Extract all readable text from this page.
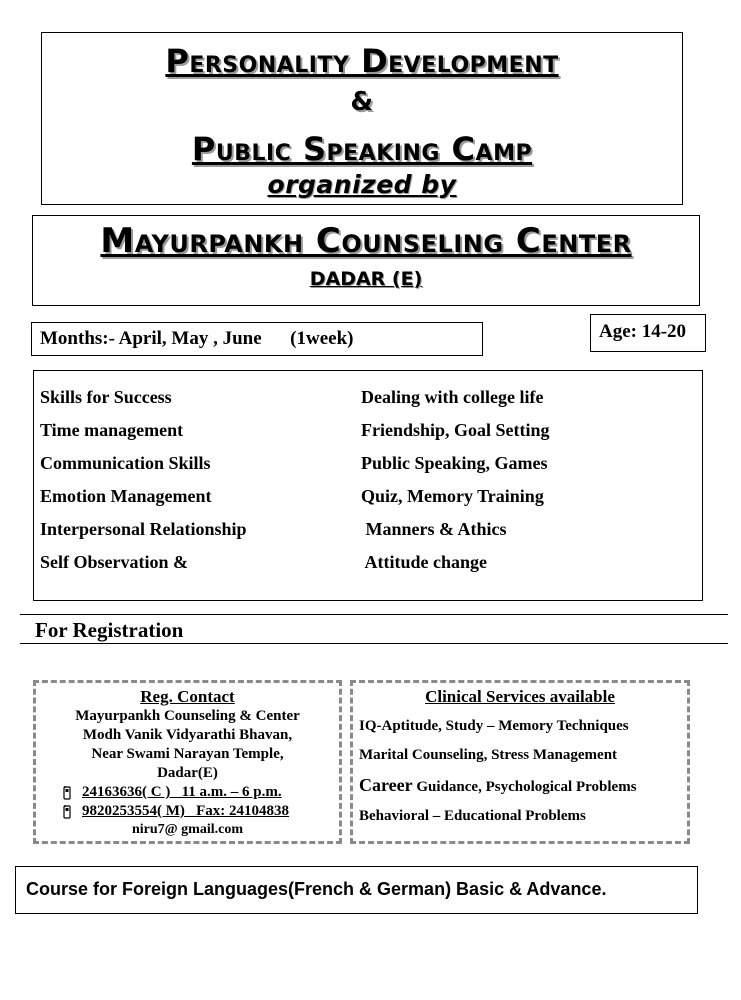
Personality Development
&
Public Speaking Camp
organized by
Mayurpankh Counseling Center
DADAR (E)
Months:- April, May , June      (1week)	Age: 14-20
Skills for Success
Time management
Communication Skills
Emotion Management
Interpersonal Relationship
Self Observation &
Dealing with college life
Friendship, Goal Setting
Public Speaking, Games
Quiz, Memory Training
Manners & Athics
Attitude change
For Registration
Reg. Contact
Mayurpankh Counseling & Center
Modh Vanik Vidyarathi Bhavan,
Near Swami Narayan Temple,
Dadar(E)
24163636( C )   11 a.m. – 6 p.m.
9820253554( M)   Fax: 24104838
niru7@ gmail.com
Clinical Services available
IQ-Aptitude, Study – Memory Techniques
Marital Counseling, Stress Management
Career Guidance, Psychological Problems
Behavioral – Educational Problems
Course for Foreign Languages(French & German) Basic & Advance.
